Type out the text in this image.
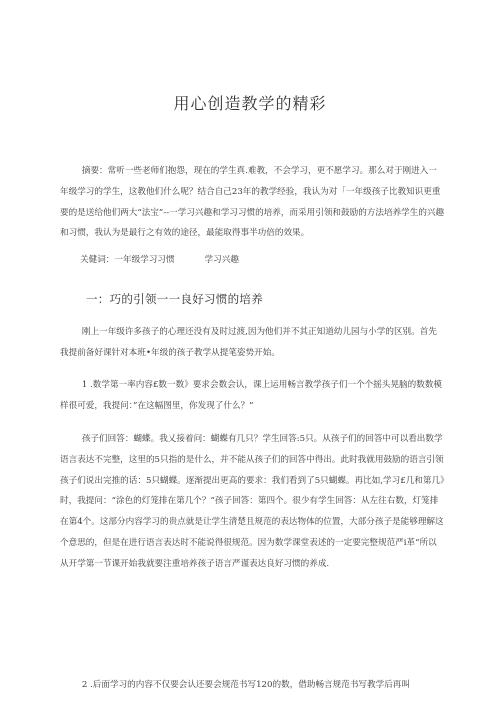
用心创造教学的精彩
摘要：常听一些老师们抱怨，现在的学生真.难教，不会学习，更不愿学习。那么对于刚进入一年级学习的学生，这教他们什么呢？结合自己23年的教学经验，我认为对「一年级孩子比教知识更重要的是送给他们两大“法宝”--一学习兴趣和学习习惯的培养，而采用引领和鼓励的方法培养学生的兴趣和习惯，我认为是最行之有效的途径，最能取得事半功倍的效果。
关健词：一年级学习习惯	学习兴趣
一：巧的引领一一良好习惯的培养
刚上一年级许多孩子的心理还没有及时过渡,因为他们并不其正知道幼儿园与小学的区别。首先我提前备好课针对本班•年级的孩子教学从提笔姿势开始。
1 .数学第一率内容£数一数》要求会数会认，课上运用畅言教学孩子们一个个摇头晃脑的数数模样很可爱，我提问：”在这幅图里，你发现了什么？”
孩子们回答：蝴蝶。我乂接着问：蝴蝶有几只？学生回答:5只。从孩子们的回答中可以看出数学语言表达不完整，这里的5只指的是什么，并不能从孩子们的回答中得出。此时我就用鼓励的语言引领孩子们说出完推的话：5只蝴蝶。逐渐提出更高的要求：我们看到了5只蝴蝶。再比如,学习£几和第几》时，我提问：“涂色的灯笼排在第几个？”孩子回答：第四个。很少有学生回答：从左往右数，灯笼排在第4个。这部分内容学习的贵点就是让学生清楚且规范的表达物体的位置，大部分孩子是能够理解这个意思的，但是在进行语言表达时不能说得很规范。因为数学课堂表述的一定要完整规范严i革“所以从开学第一节课开始我就要注重培养孩子语言严谨表达良好习惯的养成.
2 .后面学习的内容不仅要会认还要会规范书写120的数，借助畅言规范书写教学后再叫
